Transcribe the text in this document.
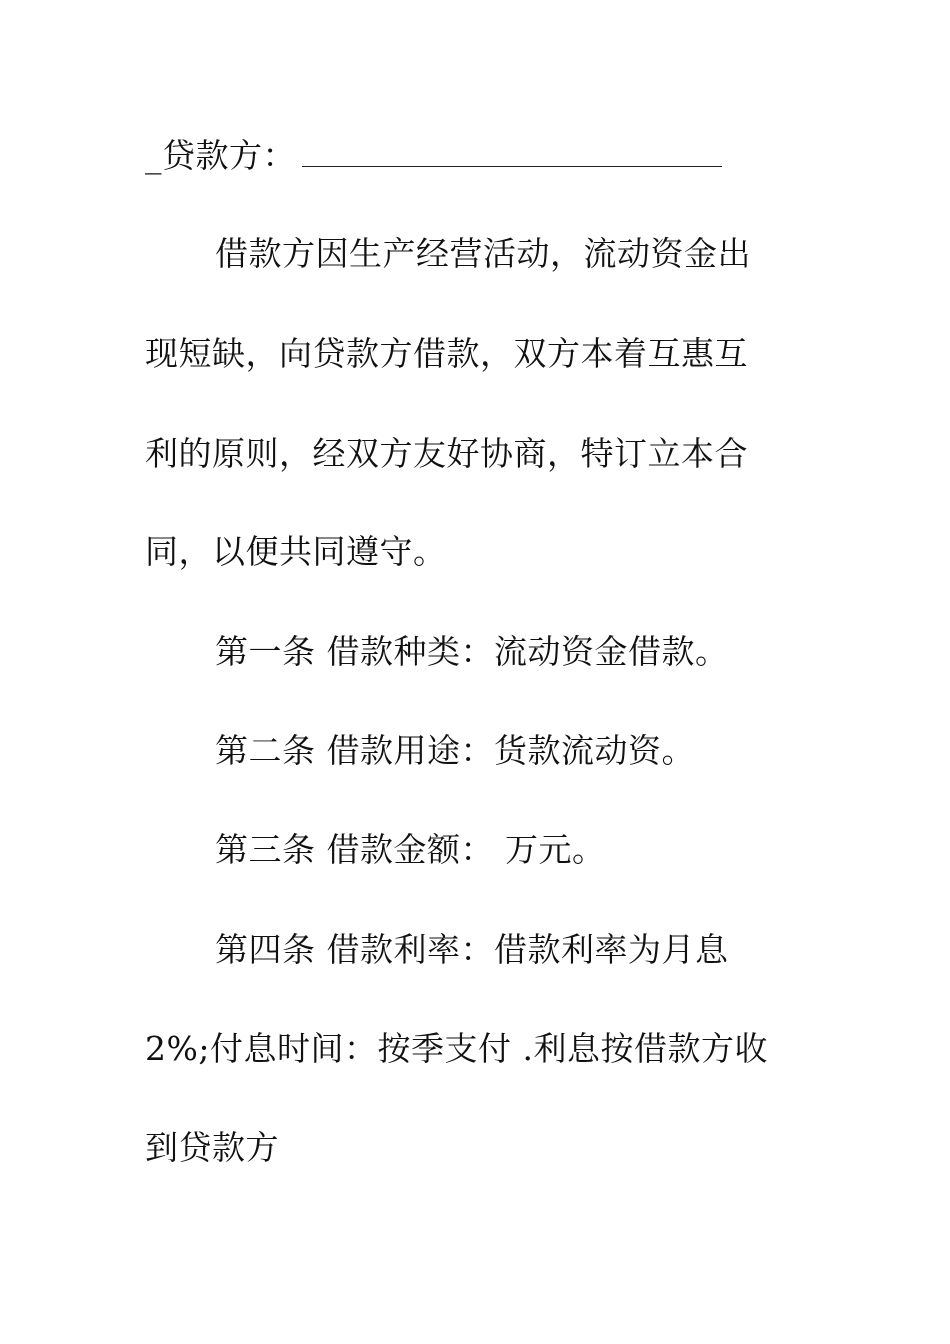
_贷款方：
借款方因生产经营活动，流动资金出
现短缺，向贷款方借款，双方本着互惠互
利的原则，经双方友好协商，特订立本合
同，以便共同遵守。
第一条 借款种类：流动资金借款。
第二条 借款用途：货款流动资。
第三条 借款金额： 万元。
第四条 借款利率：借款利率为月息
2%;付息时间：按季支付 .利息按借款方收
到贷款方
